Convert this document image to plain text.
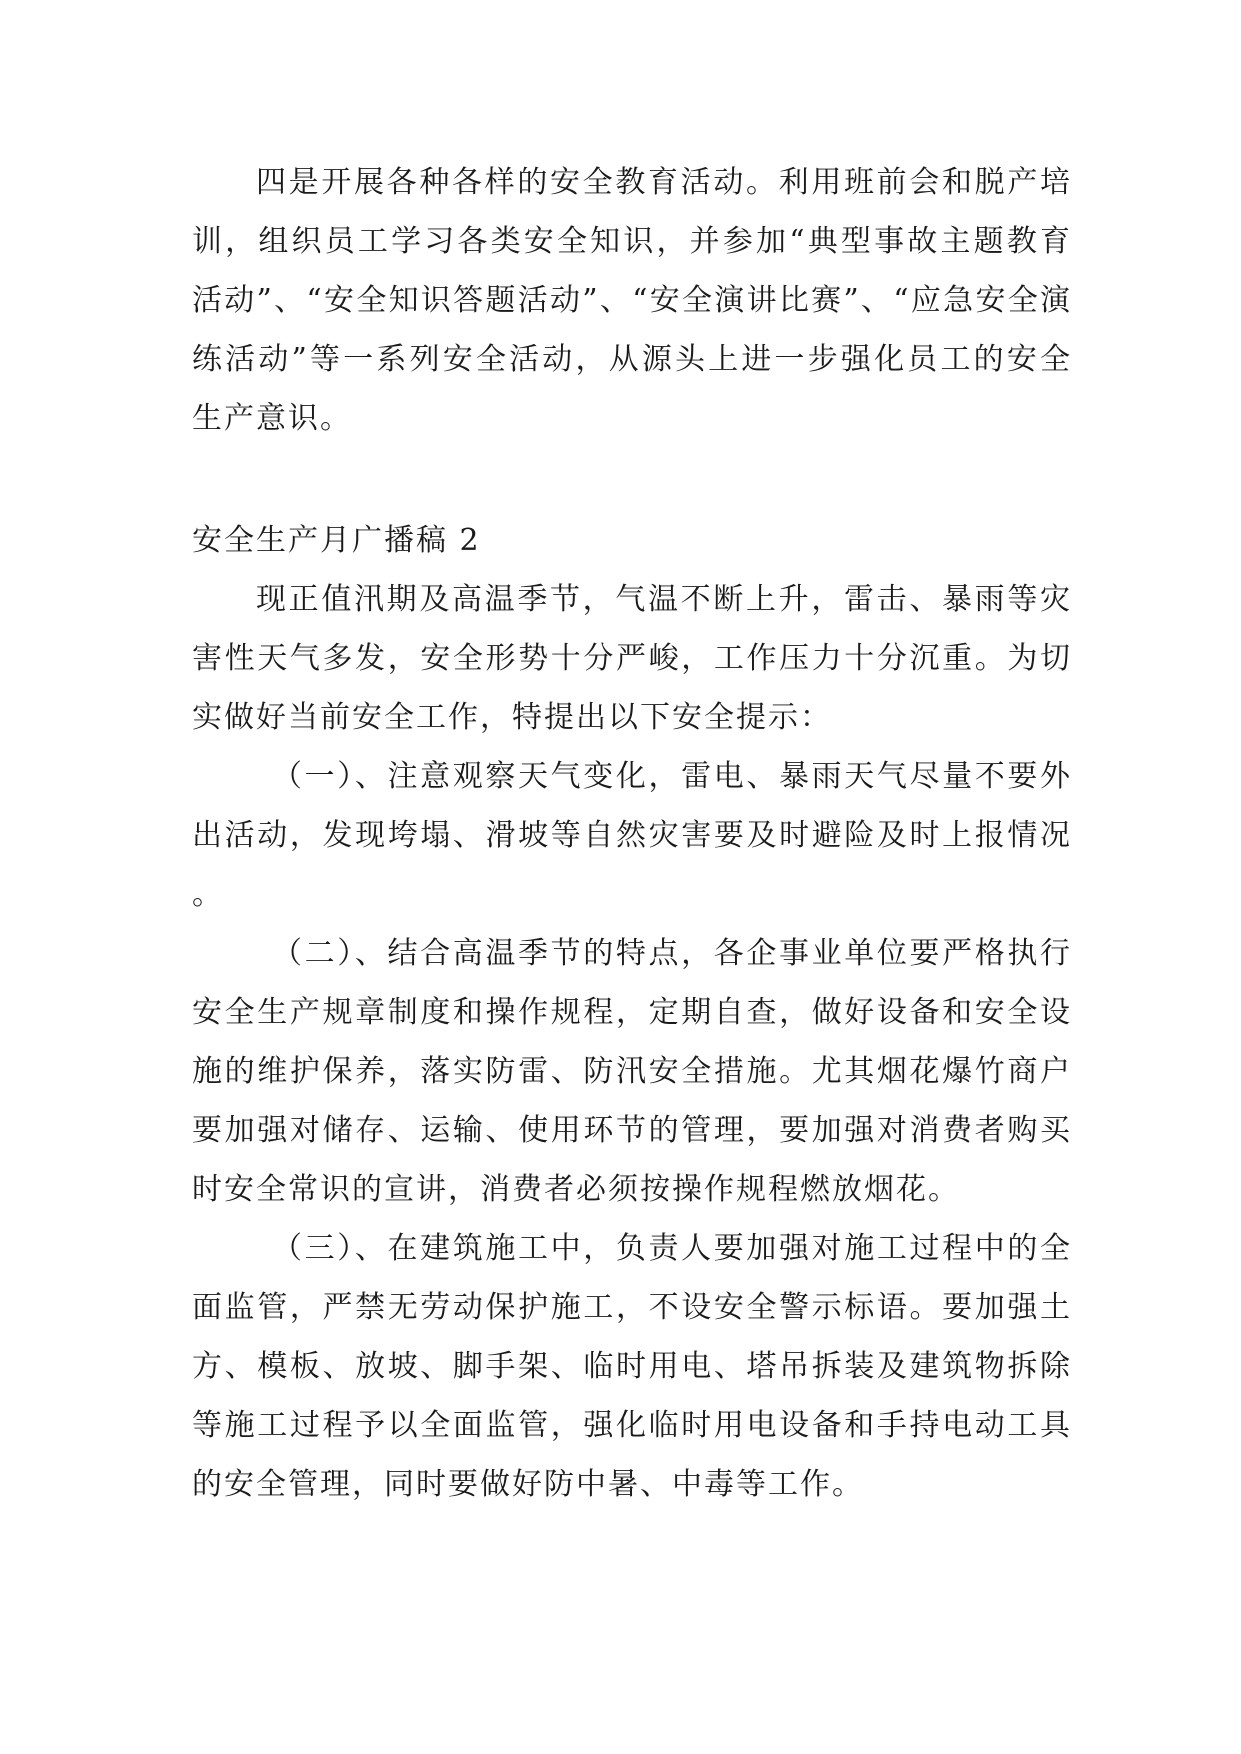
四是开展各种各样的安全教育活动。利用班前会和脱产培训，组织员工学习各类安全知识，并参加“典型事故主题教育活动”、“安全知识答题活动”、“安全演讲比赛”、“应急安全演练活动”等一系列安全活动，从源头上进一步强化员工的安全生产意识。

安全生产月广播稿 2

现正值汛期及高温季节，气温不断上升，雷击、暴雨等灾害性天气多发，安全形势十分严峻，工作压力十分沉重。为切实做好当前安全工作，特提出以下安全提示：

（一）、注意观察天气变化，雷电、暴雨天气尽量不要外出活动，发现垮塌、滑坡等自然灾害要及时避险及时上报情况 。

（二）、结合高温季节的特点，各企事业单位要严格执行安全生产规章制度和操作规程，定期自查，做好设备和安全设施的维护保养，落实防雷、防汛安全措施。尤其烟花爆竹商户要加强对储存、运输、使用环节的管理，要加强对消费者购买时安全常识的宣讲，消费者必须按操作规程燃放烟花。

（三）、在建筑施工中，负责人要加强对施工过程中的全面监管，严禁无劳动保护施工，不设安全警示标语。要加强土方、模板、放坡、脚手架、临时用电、塔吊拆装及建筑物拆除等施工过程予以全面监管，强化临时用电设备和手持电动工具的安全管理，同时要做好防中暑、中毒等工作。
